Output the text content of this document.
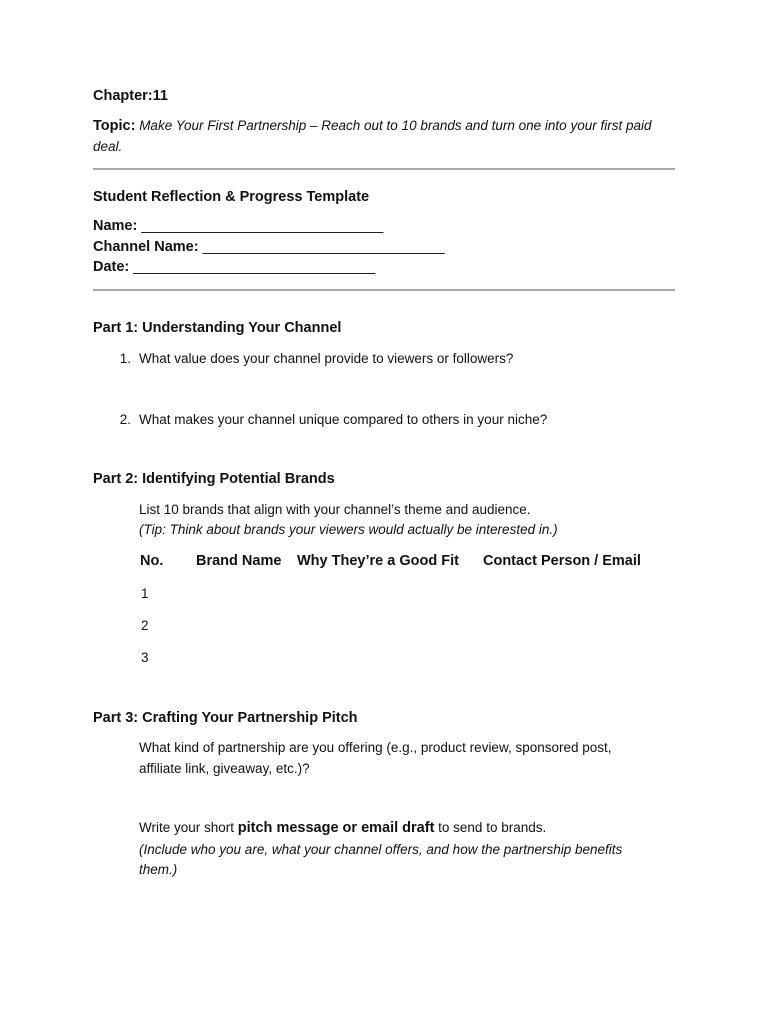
Chapter:11
Topic: Make Your First Partnership – Reach out to 10 brands and turn one into your first paid
deal.
Student Reflection & Progress Template
Name: ______________________________
Channel Name: ______________________________
Date: ______________________________
Part 1: Understanding Your Channel
1. What value does your channel provide to viewers or followers?
2. What makes your channel unique compared to others in your niche?
Part 2: Identifying Potential Brands
List 10 brands that align with your channel’s theme and audience.
(Tip: Think about brands your viewers would actually be interested in.)
No. Brand Name Why They’re a Good Fit Contact Person / Email
1
2
3
Part 3: Crafting Your Partnership Pitch
What kind of partnership are you offering (e.g., product review, sponsored post,
affiliate link, giveaway, etc.)?
Write your short pitch message or email draft to send to brands.
(Include who you are, what your channel offers, and how the partnership benefits
them.)
